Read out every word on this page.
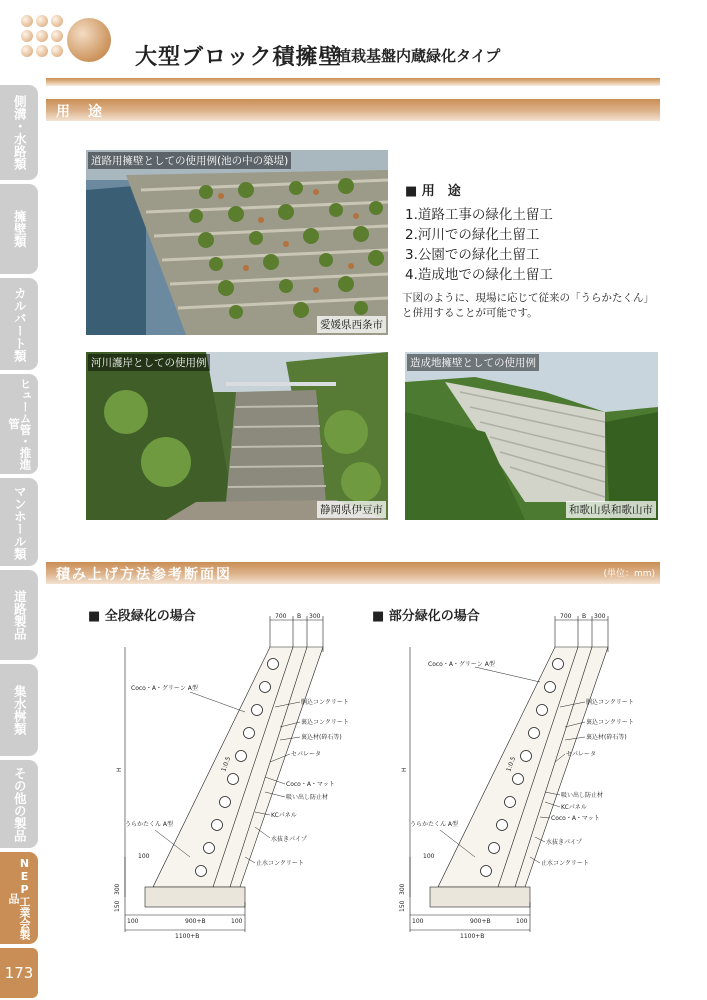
大型ブロック積擁壁
植栽基盤内蔵緑化タイプ
側溝・水路類
擁壁類
カルバート類
ヒューム管・推進管
マンホール類
道路製品
集水桝類
その他の製品
NEP工業会製品
173
用　途
道路用擁壁としての使用例(池の中の築堤)
愛媛県西条市
■ 用　途
1.道路工事の緑化土留工
2.河川での緑化土留工
3.公園での緑化土留工
4.造成地での緑化土留工
下図のように、現場に応じて従来の「うらかたくん」と併用することが可能です。
河川護岸としての使用例
静岡県伊豆市
造成地擁壁としての使用例
和歌山県和歌山市
積み上げ方法参考断面図	(単位：mm)
■ 全段緑化の場合	■ 部分緑化の場合
700 B 300
H	1:0.5
Coco・A・グリーン A型
胴込コンクリート
裏込コンクリート
裏込材(砕石等)
セパレータ
Coco・A・マット
吸い出し防止材
KCパネル
水抜きパイプ
止水コンクリート
うらかたくん A型
100
300
150
100	900+B	100
1100+B
700 B 300
H	1:0.5
Coco・A・グリーン A型
胴込コンクリート
裏込コンクリート
裏込材(砕石等)
セパレータ
吸い出し防止材
KCパネル
Coco・A・マット
水抜きパイプ
止水コンクリート
うらかたくん A型
100
300
150
100	900+B	100
1100+B
